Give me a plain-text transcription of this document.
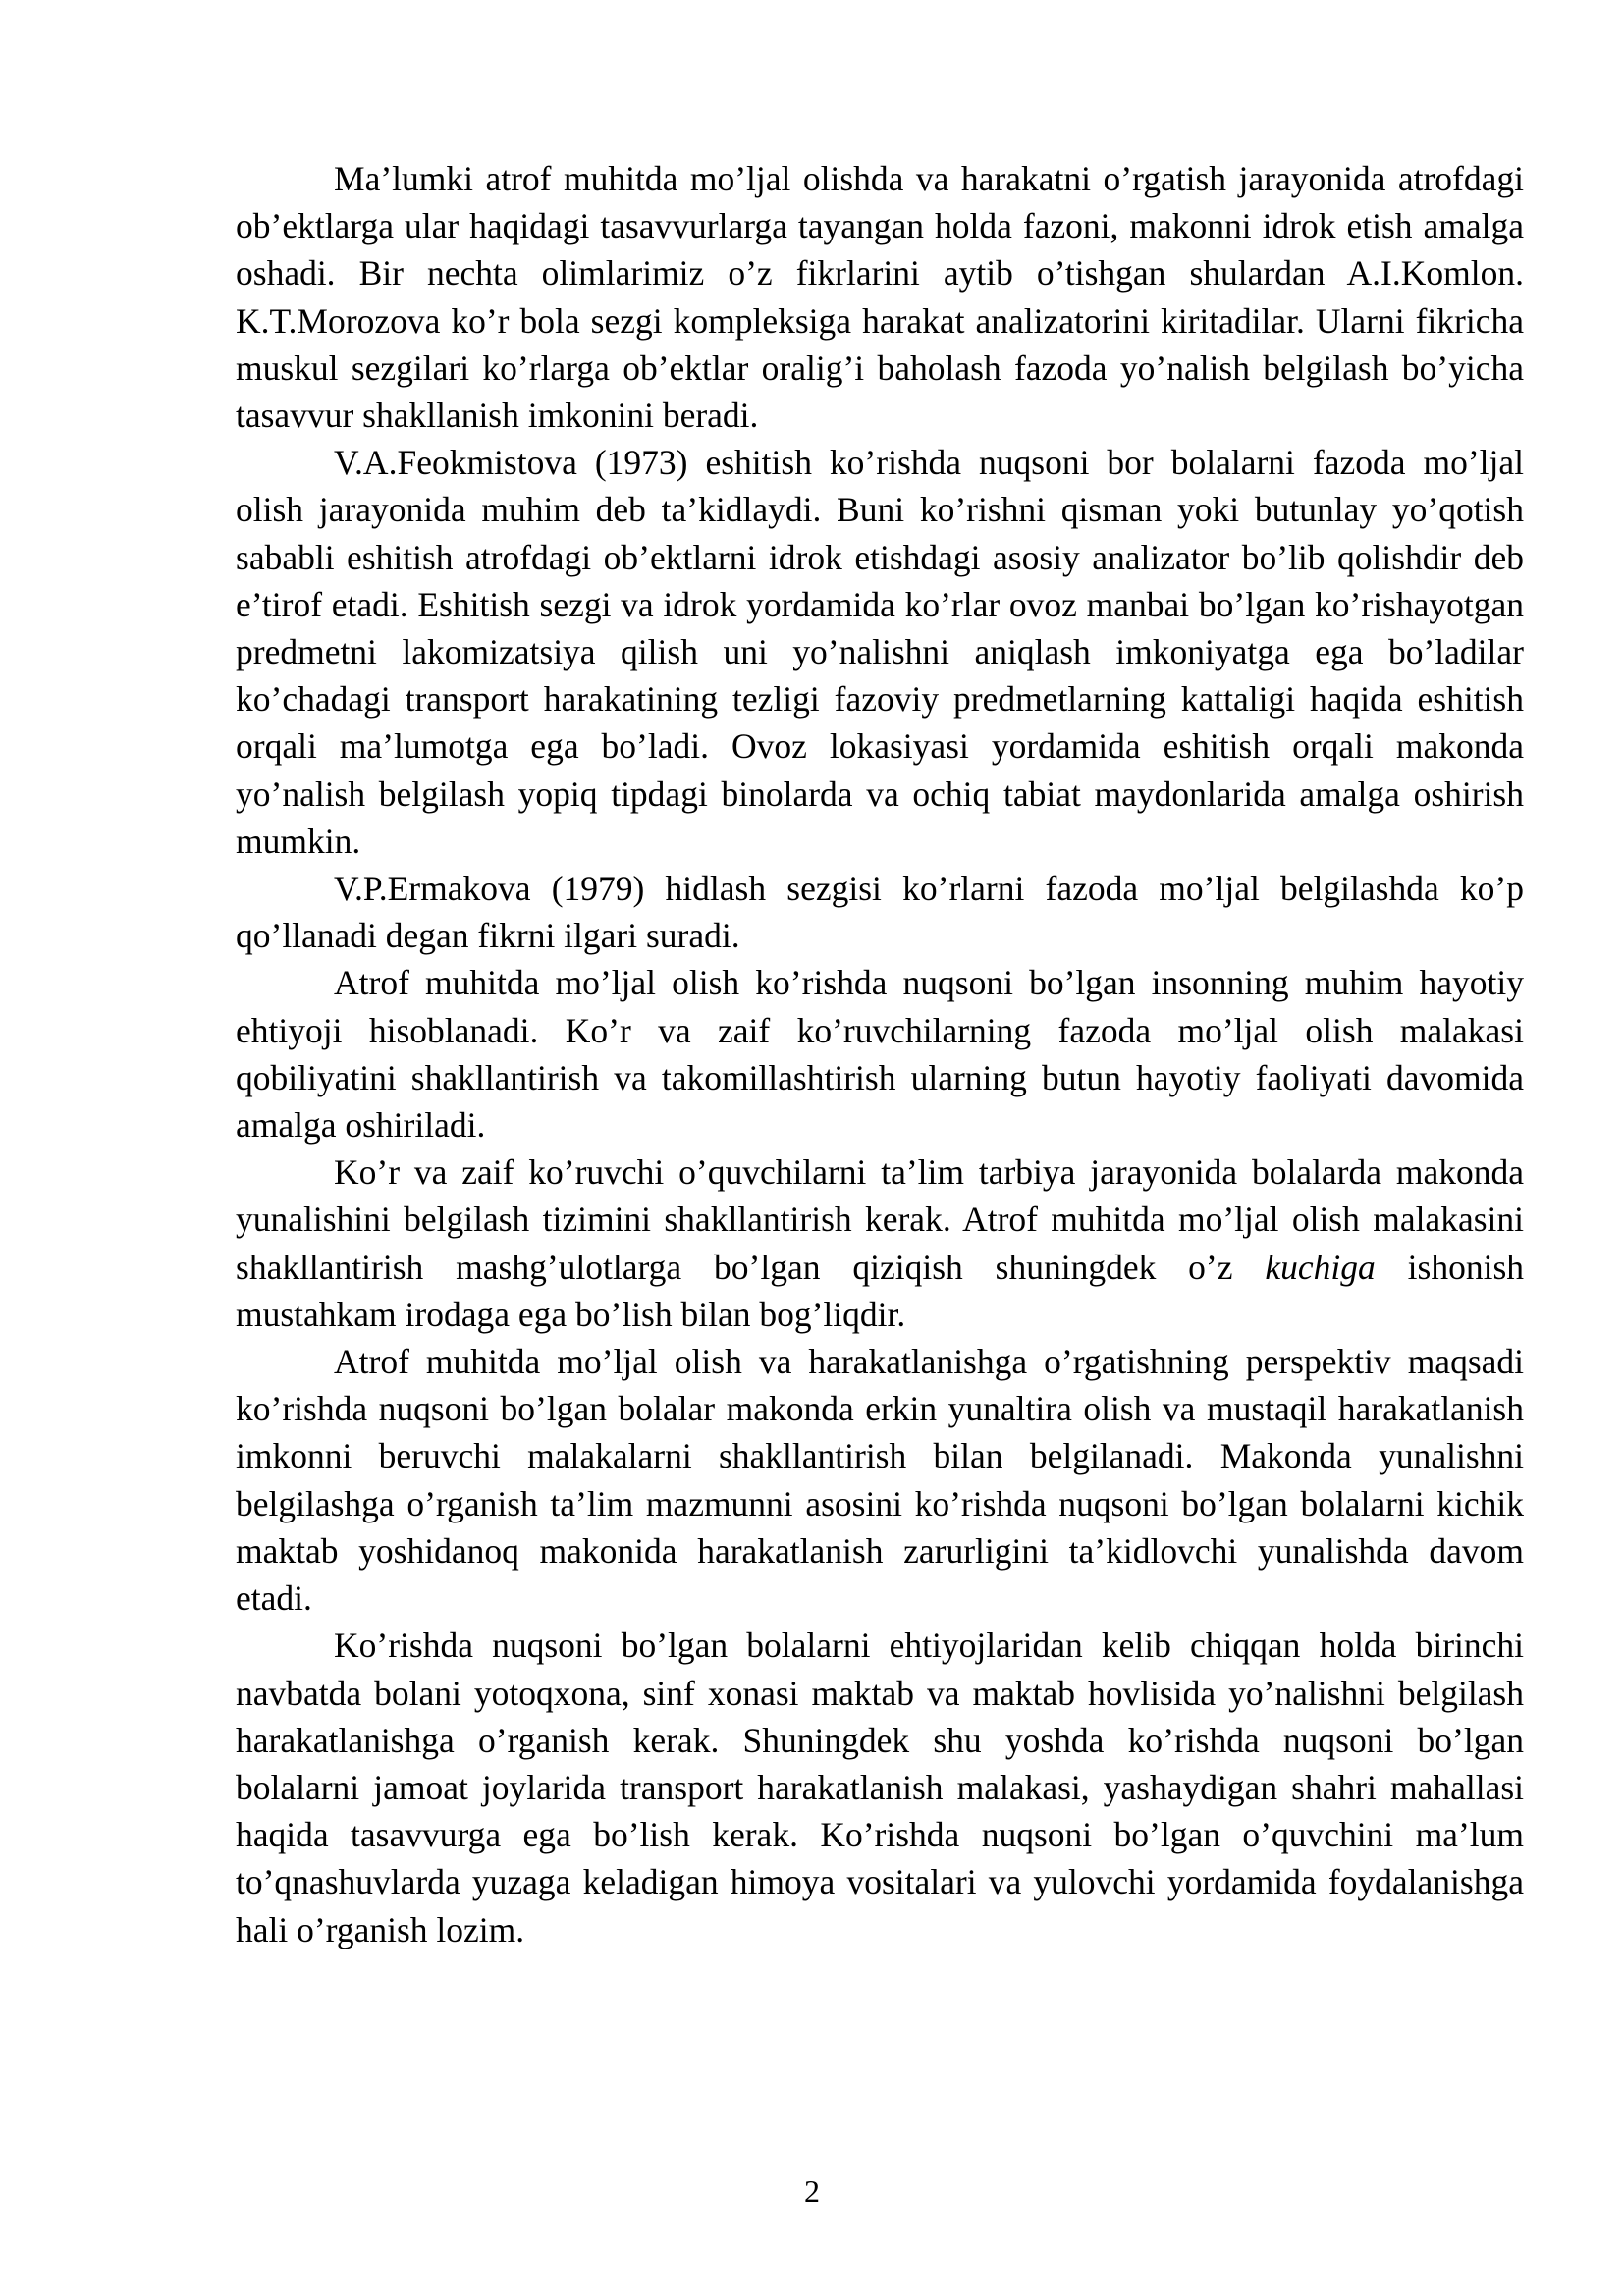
Ma’lumki atrof muhitda mo’ljal olishda va harakatni o’rgatish jarayonida atrofdagi ob’ektlarga ular haqidagi tasavvurlarga tayangan holda fazoni, makonni idrok etish amalga oshadi. Bir nechta olimlarimiz o’z fikrlarini aytib o’tishgan shulardan A.I.Komlon. K.T.Morozova ko’r bola sezgi kompleksiga harakat analizatorini kiritadilar. Ularni fikricha muskul sezgilari ko’rlarga ob’ektlar oralig’i baholash fazoda yo’nalish belgilash bo’yicha tasavvur shakllanish imkonini beradi.

V.A.Feokmistova (1973) eshitish ko’rishda nuqsoni bor bolalarni fazoda mo’ljal olish jarayonida muhim deb ta’kidlaydi. Buni ko’rishni qisman yoki butunlay yo’qotish sababli eshitish atrofdagi ob’ektlarni idrok etishdagi asosiy analizator bo’lib qolishdir deb e’tirof etadi. Eshitish sezgi va idrok yordamida ko’rlar ovoz manbai bo’lgan ko’rishayotgan predmetni lakomizatsiya qilish uni yo’nalishni aniqlash imkoniyatga ega bo’ladilar ko’chadagi transport harakatining tezligi fazoviy predmetlarning kattaligi haqida eshitish orqali ma’lumotga ega bo’ladi. Ovoz lokasiyasi yordamida eshitish orqali makonda yo’nalish belgilash yopiq tipdagi binolarda va ochiq tabiat maydonlarida amalga oshirish mumkin.

V.P.Ermakova (1979) hidlash sezgisi ko’rlarni fazoda mo’ljal belgilashda ko’p qo’llanadi degan fikrni ilgari suradi.

Atrof muhitda mo’ljal olish ko’rishda nuqsoni bo’lgan insonning muhim hayotiy ehtiyoji hisoblanadi. Ko’r va zaif ko’ruvchilarning fazoda mo’ljal olish malakasi qobiliyatini shakllantirish va takomillashtirish ularning butun hayotiy faoliyati davomida amalga oshiriladi.

Ko’r va zaif ko’ruvchi o’quvchilarni ta’lim tarbiya jarayonida bolalarda makonda yunalishini belgilash tizimini shakllantirish kerak. Atrof muhitda mo’ljal olish malakasini shakllantirish mashg’ulotlarga bo’lgan qiziqish shuningdek o’z kuchiga ishonish mustahkam irodaga ega bo’lish bilan bog’liqdir.

Atrof muhitda mo’ljal olish va harakatlanishga o’rgatishning perspektiv maqsadi ko’rishda nuqsoni bo’lgan bolalar makonda erkin yunaltira olish va mustaqil harakatlanish imkonni beruvchi malakalarni shakllantirish bilan belgilanadi. Makonda yunalishni belgilashga o’rganish ta’lim mazmunni asosini ko’rishda nuqsoni bo’lgan bolalarni kichik maktab yoshidanoq makonida harakatlanish zarurligini ta’kidlovchi yunalishda davom etadi.

Ko’rishda nuqsoni bo’lgan bolalarni ehtiyojlaridan kelib chiqqan holda birinchi navbatda bolani yotoqxona, sinf xonasi maktab va maktab hovlisida yo’nalishni belgilash harakatlanishga o’rganish kerak. Shuningdek shu yoshda ko’rishda nuqsoni bo’lgan bolalarni jamoat joylarida transport harakatlanish malakasi, yashaydigan shahri mahallasi haqida tasavvurga ega bo’lish kerak. Ko’rishda nuqsoni bo’lgan o’quvchini ma’lum to’qnashuvlarda yuzaga keladigan himoya vositalari va yulovchi yordamida foydalanishga hali o’rganish lozim.

2
